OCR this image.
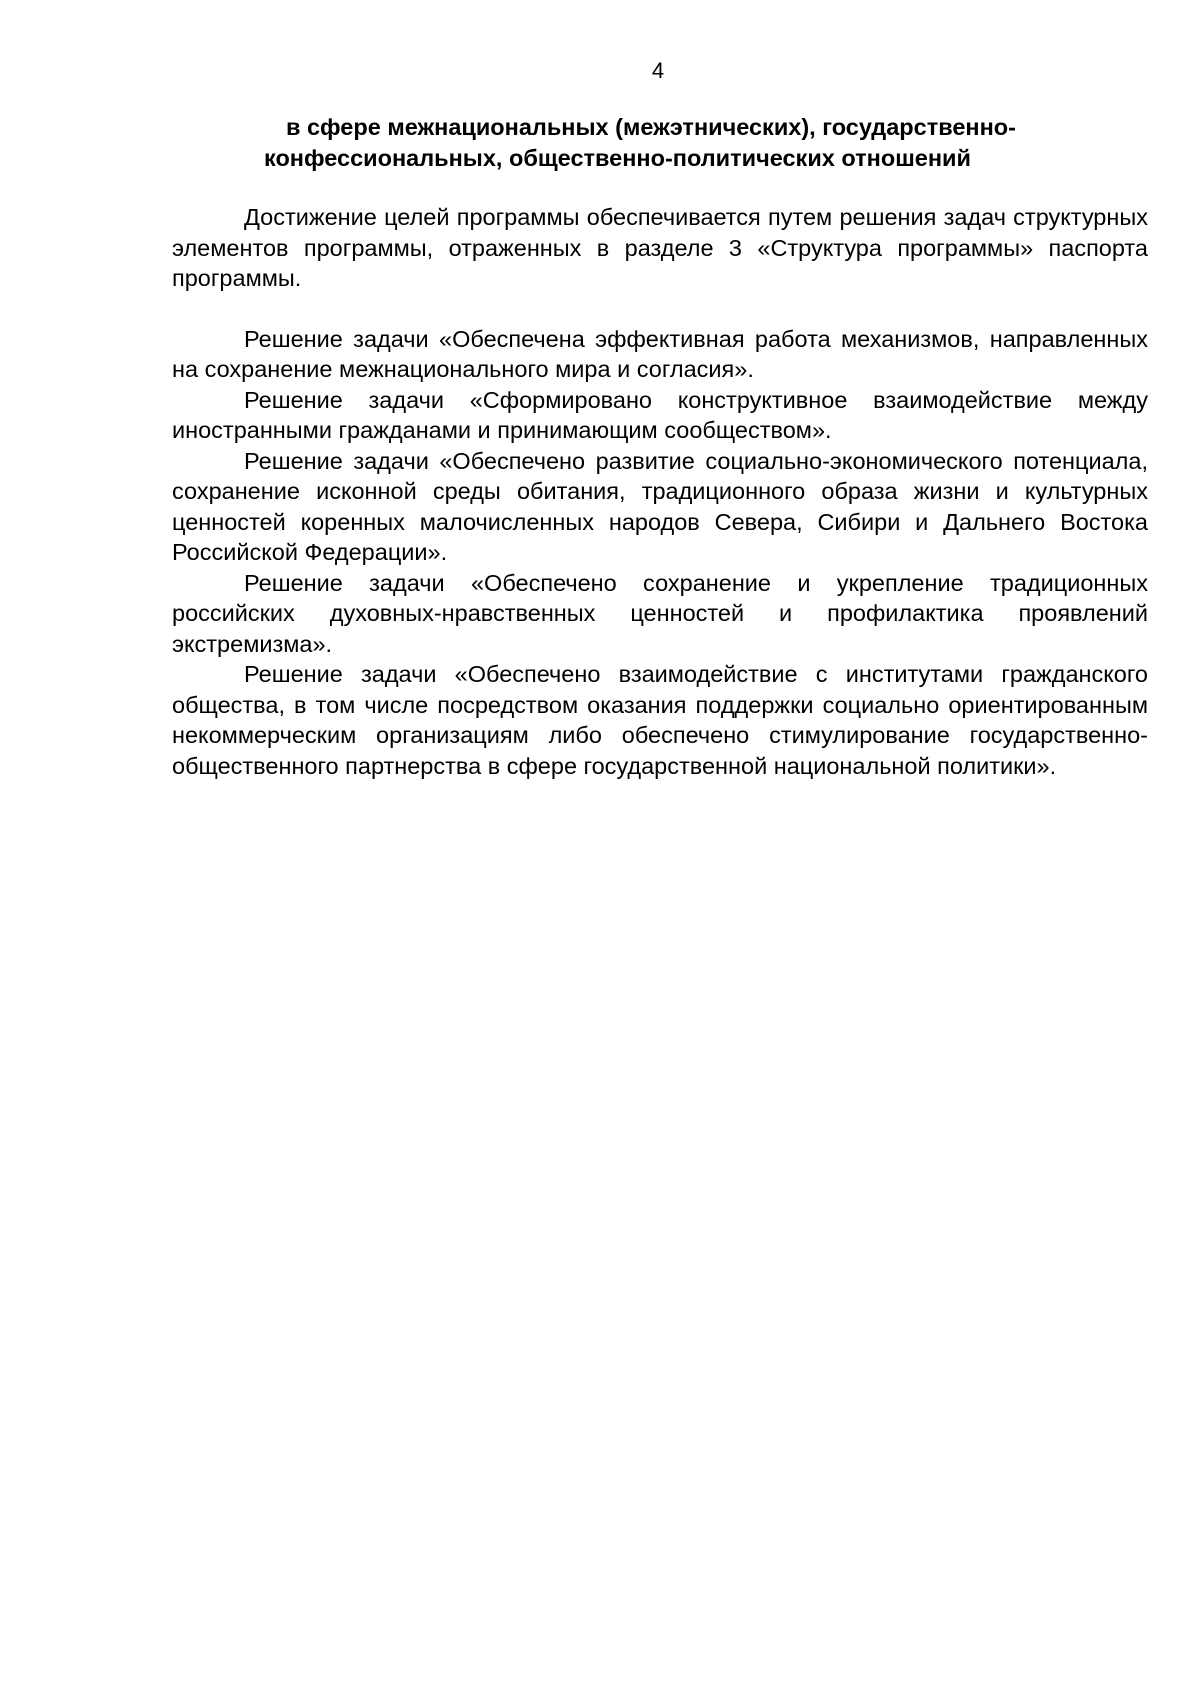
4
в сфере межнациональных (межэтнических), государственно-
конфессиональных, общественно-политических отношений

Достижение целей программы обеспечивается путем решения задач структурных элементов программы, отраженных в разделе 3 «Структура программы» паспорта программы.

Решение задачи «Обеспечена эффективная работа механизмов, направленных на сохранение межнационального мира и согласия».

Решение задачи «Сформировано конструктивное взаимодействие между иностранными гражданами и принимающим сообществом».

Решение задачи «Обеспечено развитие социально-экономического потенциала, сохранение исконной среды обитания, традиционного образа жизни и культурных ценностей коренных малочисленных народов Севера, Сибири и Дальнего Востока Российской Федерации».

Решение задачи «Обеспечено сохранение и укрепление традиционных российских духовных-нравственных ценностей и профилактика проявлений экстремизма».

Решение задачи «Обеспечено взаимодействие с институтами гражданского общества, в том числе посредством оказания поддержки социально ориентированным некоммерческим организациям либо обеспечено стимулирование государственно-общественного партнерства в сфере государственной национальной политики».
